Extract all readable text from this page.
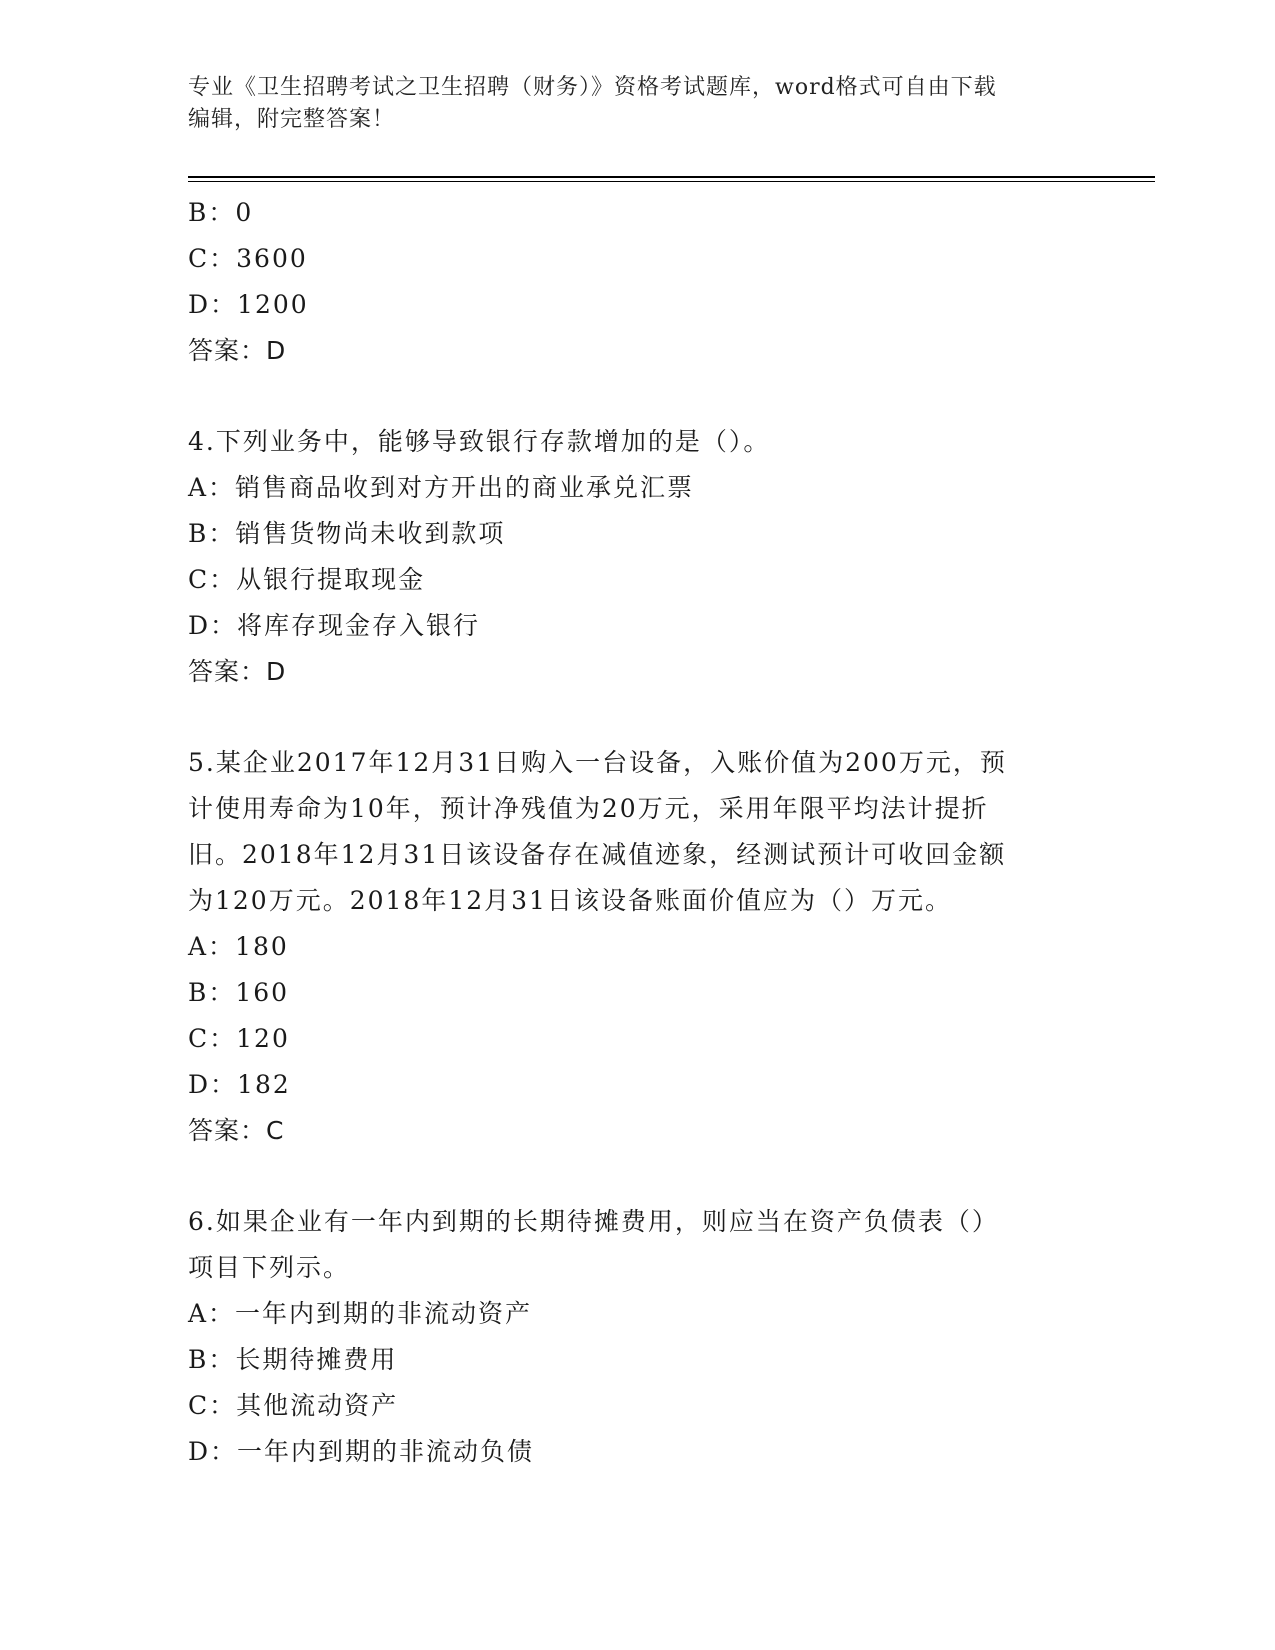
专业《卫生招聘考试之卫生招聘（财务）》资格考试题库，word格式可自由下载
编辑，附完整答案！
B：0
C：3600
D：1200
答案：D
4.下列业务中，能够导致银行存款增加的是（）。
A：销售商品收到对方开出的商业承兑汇票
B：销售货物尚未收到款项
C：从银行提取现金
D：将库存现金存入银行
答案：D
5.某企业2017年12月31日购入一台设备，入账价值为200万元，预
计使用寿命为10年，预计净残值为20万元，采用年限平均法计提折
旧。2018年12月31日该设备存在减值迹象，经测试预计可收回金额
为120万元。2018年12月31日该设备账面价值应为（）万元。
A：180
B：160
C：120
D：182
答案：C
6.如果企业有一年内到期的长期待摊费用，则应当在资产负债表（）
项目下列示。
A：一年内到期的非流动资产
B：长期待摊费用
C：其他流动资产
D：一年内到期的非流动负债
